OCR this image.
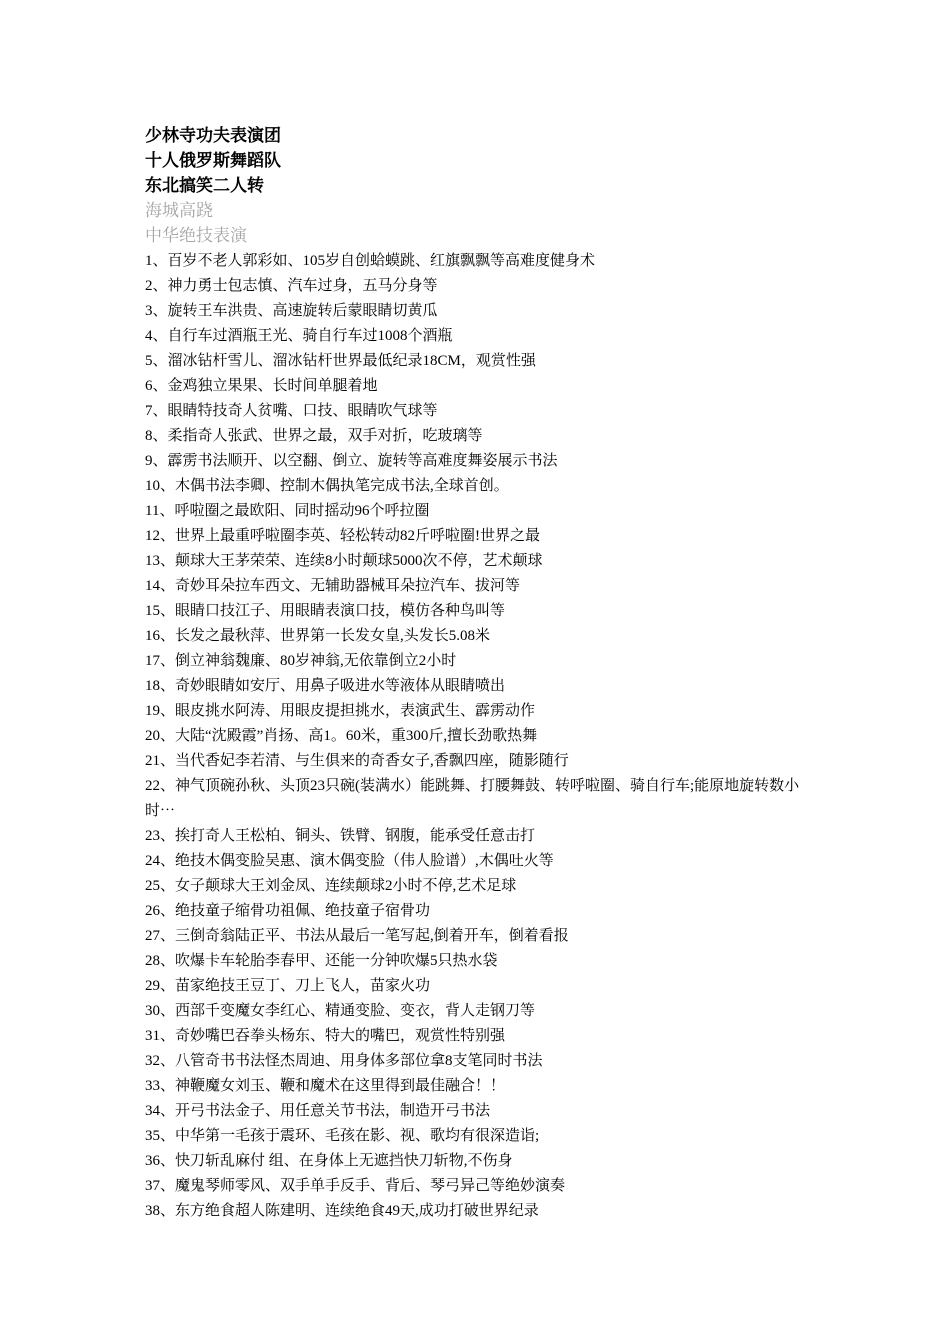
少林寺功夫表演团
十人俄罗斯舞蹈队
东北搞笑二人转
海城高跷
中华绝技表演
1、百岁不老人郭彩如、105岁自创蛤蟆跳、红旗飘飘等高难度健身术
2、神力勇士包志慎、汽车过身，五马分身等
3、旋转王车洪贵、高速旋转后蒙眼睛切黄瓜
4、自行车过酒瓶王光、骑自行车过1008个酒瓶
5、溜冰钻杆雪儿、溜冰钻杆世界最低纪录18CM，观赏性强
6、金鸡独立果果、长时间单腿着地
7、眼睛特技奇人贫嘴、口技、眼睛吹气球等
8、柔指奇人张武、世界之最，双手对折，吃玻璃等
9、霹雳书法顺开、以空翻、倒立、旋转等高难度舞姿展示书法
10、木偶书法李卿、控制木偶执笔完成书法,全球首创。
11、呼啦圈之最欧阳、同时摇动96个呼拉圈
12、世界上最重呼啦圈李英、轻松转动82斤呼啦圈!世界之最
13、颠球大王茅荣荣、连续8小时颠球5000次不停，艺术颠球
14、奇妙耳朵拉车西文、无辅助器械耳朵拉汽车、拔河等
15、眼睛口技江子、用眼睛表演口技，模仿各种鸟叫等
16、长发之最秋萍、世界第一长发女皇,头发长5.08米
17、倒立神翁魏廉、80岁神翁,无依靠倒立2小时
18、奇妙眼睛如安厅、用鼻子吸进水等液体从眼睛喷出
19、眼皮挑水阿涛、用眼皮提担挑水，表演武生、霹雳动作
20、大陆“沈殿霞”肖扬、高1。60米，重300斤,擅长劲歌热舞
21、当代香妃李若清、与生俱来的奇香女子,香飘四座，随影随行
22、神气顶碗孙秋、头顶23只碗(装满水）能跳舞、打腰舞鼓、转呼啦圈、骑自行车;能原地旋转数小时⋯
23、挨打奇人王松柏、铜头、铁臂、钢腹，能承受任意击打
24、绝技木偶变脸吴惠、演木偶变脸（伟人脸谱）,木偶吐火等
25、女子颠球大王刘金凤、连续颠球2小时不停,艺术足球
26、绝技童子缩骨功祖佩、绝技童子宿骨功
27、三倒奇翁陆正平、书法从最后一笔写起,倒着开车，倒着看报
28、吹爆卡车轮胎李春甲、还能一分钟吹爆5只热水袋
29、苗家绝技王豆丁、刀上飞人，苗家火功
30、西部千变魔女李红心、精通变脸、变衣，背人走钢刀等
31、奇妙嘴巴吞拳头杨东、特大的嘴巴，观赏性特别强
32、八管奇书书法怪杰周迪、用身体多部位拿8支笔同时书法
33、神鞭魔女刘玉、鞭和魔术在这里得到最佳融合！！
34、开弓书法金子、用任意关节书法，制造开弓书法
35、中华第一毛孩于震环、毛孩在影、视、歌均有很深造诣;
36、快刀斩乱麻付 组、在身体上无遮挡快刀斩物,不伤身
37、魔鬼琴师零风、双手单手反手、背后、琴弓异己等绝妙演奏
38、东方绝食超人陈建明、连续绝食49天,成功打破世界纪录
